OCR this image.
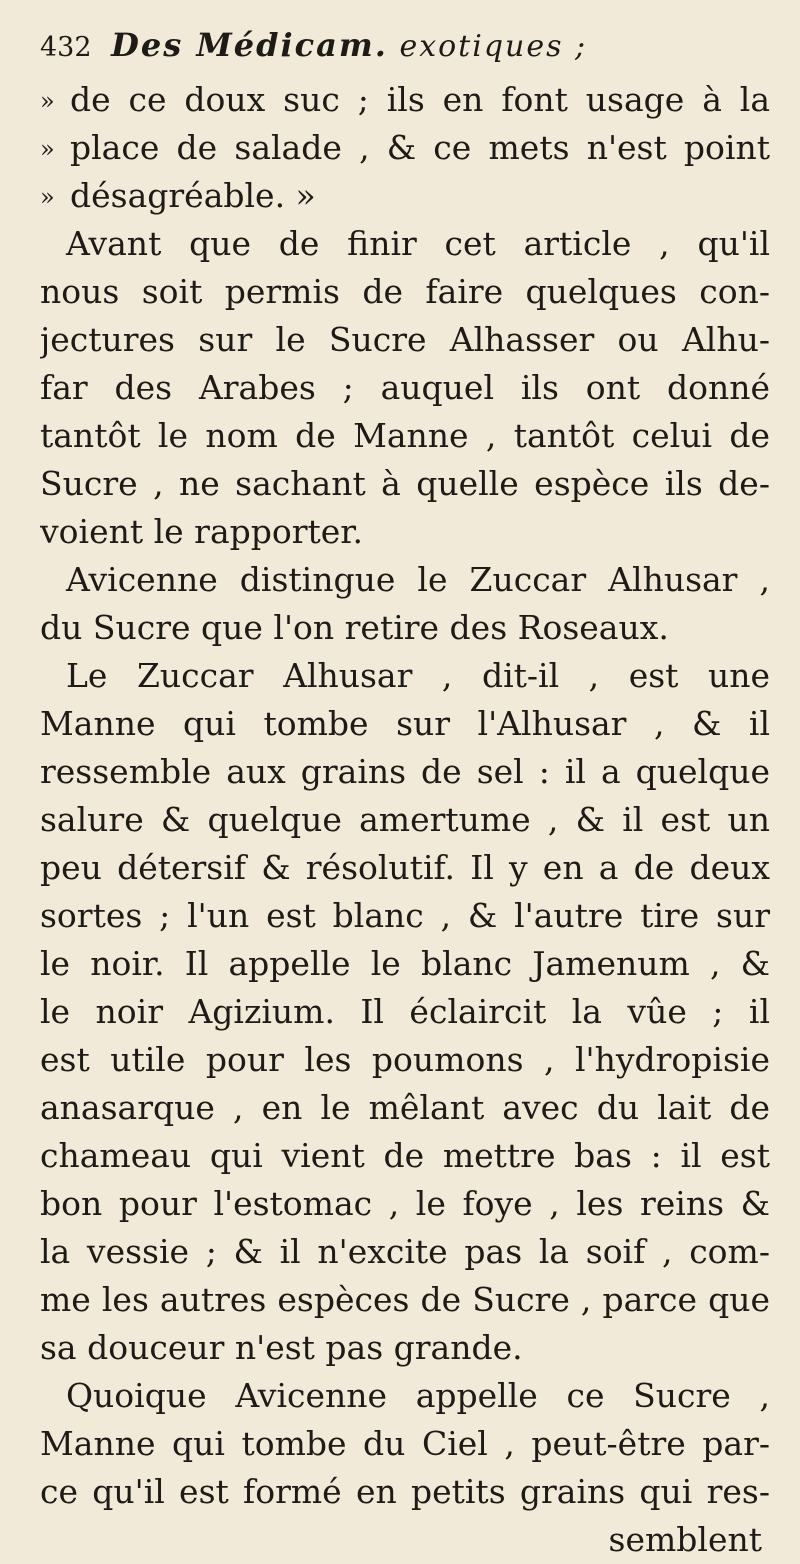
432 Des Médicam. exotiques ;
» de ce doux suc ; ils en font usage à la
» place de salade , & ce mets n'est point
» désagréable. »
Avant que de finir cet article , qu'il
nous soit permis de faire quelques con-
jectures sur le Sucre Alhasser ou Alhu-
far des Arabes ; auquel ils ont donné
tantôt le nom de Manne , tantôt celui de
Sucre , ne sachant à quelle espèce ils de-
voient le rapporter.
Avicenne distingue le Zuccar Alhusar ,
du Sucre que l'on retire des Roseaux.
Le Zuccar Alhusar , dit-il , est une
Manne qui tombe sur l'Alhusar , & il
ressemble aux grains de sel : il a quelque
salure & quelque amertume , & il est un
peu détersif & résolutif. Il y en a de deux
sortes ; l'un est blanc , & l'autre tire sur
le noir. Il appelle le blanc Jamenum , &
le noir Agizium. Il éclaircit la vûe ; il
est utile pour les poumons , l'hydropisie
anasarque , en le mêlant avec du lait de
chameau qui vient de mettre bas : il est
bon pour l'estomac , le foye , les reins &
la vessie ; & il n'excite pas la soif , com-
me les autres espèces de Sucre , parce que
sa douceur n'est pas grande.
Quoique Avicenne appelle ce Sucre ,
Manne qui tombe du Ciel , peut-être par-
ce qu'il est formé en petits grains qui res-
semblent
